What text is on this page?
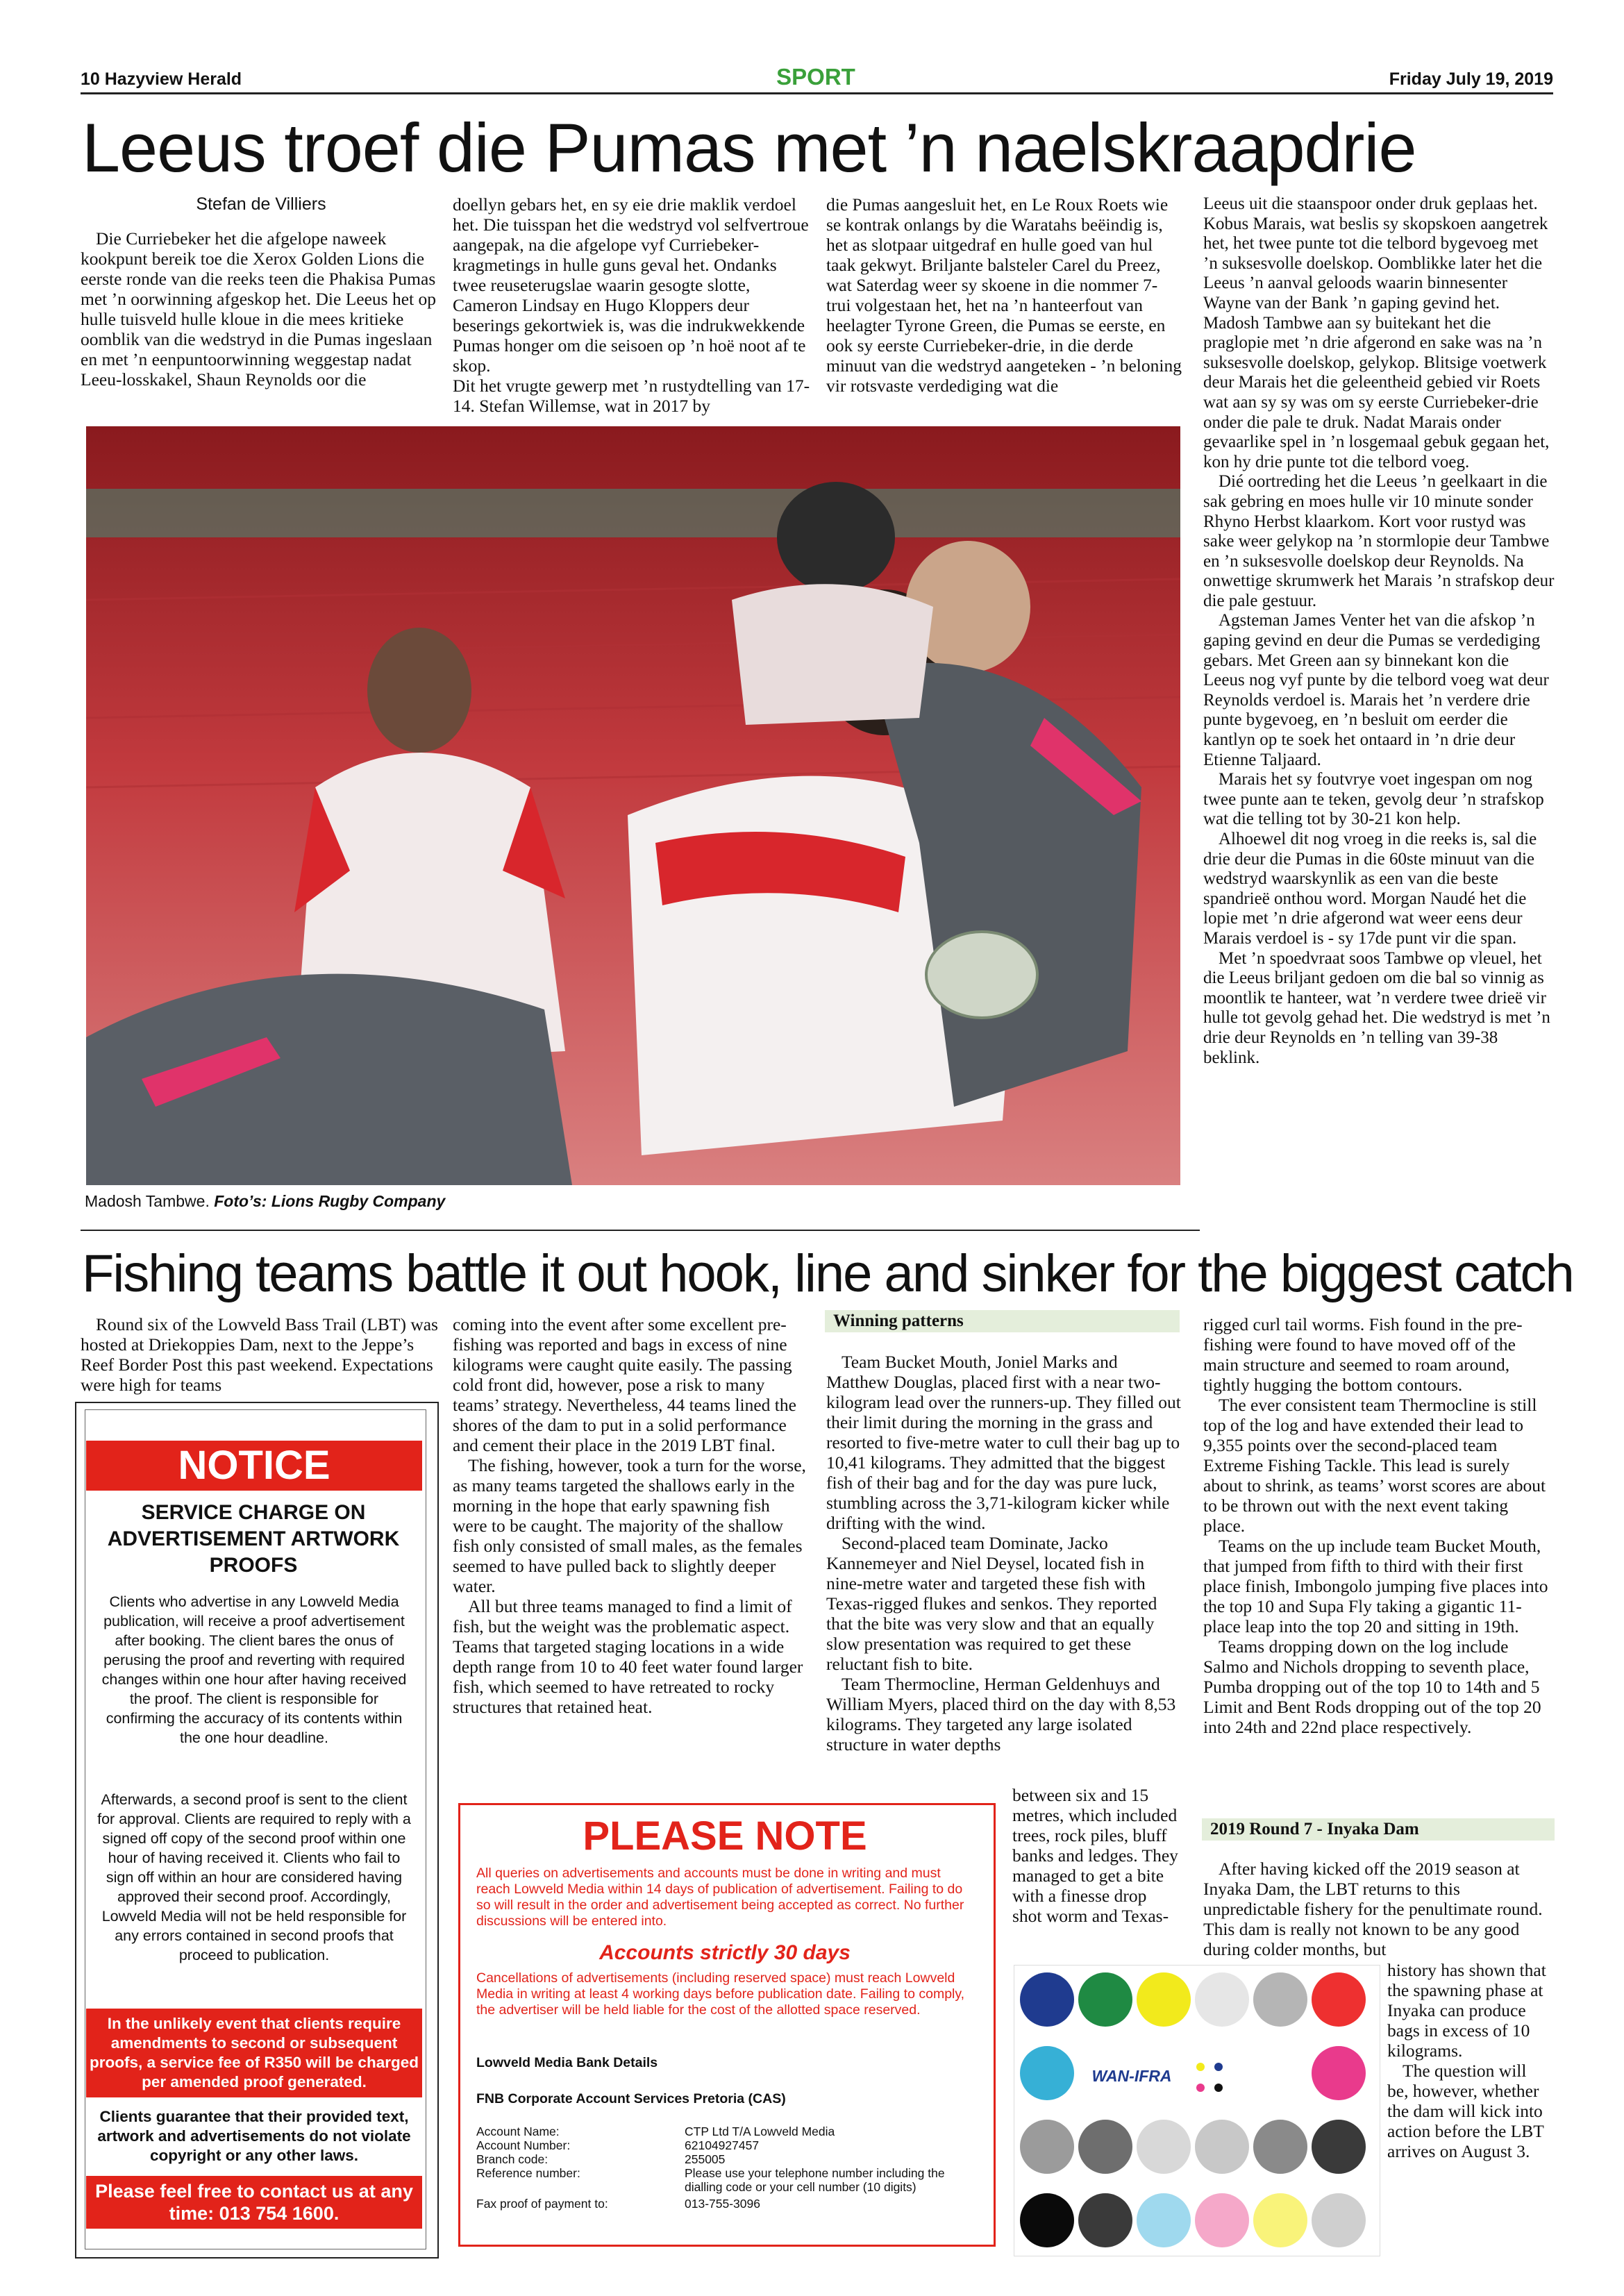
10 Hazyview Herald	SPORT	Friday July 19, 2019
Leeus troef die Pumas met ’n naelskraapdrie

Stefan de Villiers

Die Curriebeker het die afgelope naweek kookpunt bereik toe die Xerox Golden Lions die eerste ronde van die reeks teen die Phakisa Pumas met ’n oorwinning afgeskop het. Die Leeus het op hulle tuisveld hulle kloue in die mees kritieke oomblik van die wedstryd in die Pumas ingeslaan en met ’n eenpuntoorwinning weggestap nadat Leeu-losskakel, Shaun Reynolds oor die

doellyn gebars het, en sy eie drie maklik verdoel het. Die tuisspan het die wedstryd vol selfvertroue aangepak, na die afgelope vyf Curriebeker-kragmetings in hulle guns geval het. Ondanks twee reuseterugslae waarin gesogte slotte, Cameron Lindsay en Hugo Kloppers deur beserings gekortwiek is, was die indrukwekkende Pumas honger om die seisoen op ’n hoë noot af te skop.

Dit het vrugte gewerp met ’n rustydtelling van 17-14. Stefan Willemse, wat in 2017 by

die Pumas aangesluit het, en Le Roux Roets wie se kontrak onlangs by die Waratahs beëindig is, het as slotpaar uitgedraf en hulle goed van hul taak gekwyt. Briljante balsteler Carel du Preez, wat Saterdag weer sy skoene in die nommer 7-trui volgestaan het, het na ’n hanteerfout van heelagter Tyrone Green, die Pumas se eerste, en ook sy eerste Curriebeker-drie, in die derde minuut van die wedstryd aangeteken - ’n beloning vir rotsvaste verdediging wat die

Leeus uit die staanspoor onder druk geplaas het. Kobus Marais, wat beslis sy skopskoen aangetrek het, het twee punte tot die telbord bygevoeg met ’n suksesvolle doelskop. Oomblikke later het die Leeus ’n aanval geloods waarin binnesenter Wayne van der Bank ’n gaping gevind het. Madosh Tambwe aan sy buitekant het die praglopie met ’n drie afgerond en sake was na ’n suksesvolle doelskop, gelykop. Blitsige voetwerk deur Marais het die geleentheid gebied vir Roets wat aan sy sy was om sy eerste Curriebeker-drie onder die pale te druk. Nadat Marais onder gevaarlike spel in ’n losgemaal gebuk gegaan het, kon hy drie punte tot die telbord voeg.

Dié oortreding het die Leeus ’n geelkaart in die sak gebring en moes hulle vir 10 minute sonder Rhyno Herbst klaarkom. Kort voor rustyd was sake weer gelykop na ’n stormlopie deur Tambwe en ’n suksesvolle doelskop deur Reynolds. Na onwettige skrumwerk het Marais ’n strafskop deur die pale gestuur.

Agsteman James Venter het van die afskop ’n gaping gevind en deur die Pumas se verdediging gebars. Met Green aan sy binnekant kon die Leeus nog vyf punte by die telbord voeg wat deur Reynolds verdoel is. Marais het ’n verdere drie punte bygevoeg, en ’n besluit om eerder die kantlyn op te soek het ontaard in ’n drie deur Etienne Taljaard.

Marais het sy foutvrye voet ingespan om nog twee punte aan te teken, gevolg deur ’n strafskop wat die telling tot by 30-21 kon help.

Alhoewel dit nog vroeg in die reeks is, sal die drie deur die Pumas in die 60ste minuut van die wedstryd waarskynlik as een van die beste spandrieë onthou word. Morgan Naudé het die lopie met ’n drie afgerond wat weer eens deur Marais verdoel is - sy 17de punt vir die span.

Met ’n spoedvraat soos Tambwe op vleuel, het die Leeus briljant gedoen om die bal so vinnig as moontlik te hanteer, wat ’n verdere twee drieë vir hulle tot gevolg gehad het. Die wedstryd is met ’n drie deur Reynolds en ’n telling van 39-38 beklink.

Madosh Tambwe. Foto’s: Lions Rugby Company
Fishing teams battle it out hook, line and sinker for the biggest catch

Round six of the Lowveld Bass Trail (LBT) was hosted at Driekoppies Dam, next to the Jeppe’s Reef Border Post this past weekend. Expectations were high for teams

coming into the event after some excellent pre-fishing was reported and bags in excess of nine kilograms were caught quite easily. The passing cold front did, however, pose a risk to many teams’ strategy. Nevertheless, 44 teams lined the shores of the dam to put in a solid performance and cement their place in the 2019 LBT final.

The fishing, however, took a turn for the worse, as many teams targeted the shallows early in the morning in the hope that early spawning fish were to be caught. The majority of the shallow fish only consisted of small males, as the females seemed to have pulled back to slightly deeper water.

All but three teams managed to find a limit of fish, but the weight was the problematic aspect. Teams that targeted staging locations in a wide depth range from 10 to 40 feet water found larger fish, which seemed to have retreated to rocky structures that retained heat.

Winning patterns

Team Bucket Mouth, Joniel Marks and Matthew Douglas, placed first with a near two-kilogram lead over the runners-up. They filled out their limit during the morning in the grass and resorted to five-metre water to cull their bag up to 10,41 kilograms. They admitted that the biggest fish of their bag and for the day was pure luck, stumbling across the 3,71-kilogram kicker while drifting with the wind.

Second-placed team Dominate, Jacko Kannemeyer and Niel Deysel, located fish in nine-metre water and targeted these fish with Texas-rigged flukes and senkos. They reported that the bite was very slow and that an equally slow presentation was required to get these reluctant fish to bite.

Team Thermocline, Herman Geldenhuys and William Myers, placed third on the day with 8,53 kilograms. They targeted any large isolated structure in water depths

between six and 15 metres, which included trees, rock piles, bluff banks and ledges. They managed to get a bite with a finesse drop shot worm and Texas-

rigged curl tail worms. Fish found in the pre-fishing were found to have moved off of the main structure and seemed to roam around, tightly hugging the bottom contours.

The ever consistent team Thermocline is still top of the log and have extended their lead to 9,355 points over the second-placed team Extreme Fishing Tackle. This lead is surely about to shrink, as teams’ worst scores are about to be thrown out with the next event taking place.

Teams on the up include team Bucket Mouth, that jumped from fifth to third with their first place finish, Imbongolo jumping five places into the top 10 and Supa Fly taking a gigantic 11-place leap into the top 20 and sitting in 19th.

Teams dropping down on the log include Salmo and Nichols dropping to seventh place, Pumba dropping out of the top 10 to 14th and 5 Limit and Bent Rods dropping out of the top 20 into 24th and 22nd place respectively.

2019 Round 7 - Inyaka Dam

After having kicked off the 2019 season at Inyaka Dam, the LBT returns to this unpredictable fishery for the penultimate round. This dam is really not known to be any good during colder months, but

history has shown that the spawning phase at Inyaka can produce bags in excess of 10 kilograms.

The question will be, however, whether the dam will kick into action before the LBT arrives on August 3.

NOTICE
SERVICE CHARGE ON ADVERTISEMENT ARTWORK PROOFS
Clients who advertise in any Lowveld Media publication, will receive a proof advertisement after booking. The client bares the onus of perusing the proof and reverting with required changes within one hour after having received the proof. The client is responsible for confirming the accuracy of its contents within the one hour deadline.
Afterwards, a second proof is sent to the client for approval. Clients are required to reply with a signed off copy of the second proof within one hour of having received it. Clients who fail to sign off within an hour are considered having approved their second proof. Accordingly, Lowveld Media will not be held responsible for any errors contained in second proofs that proceed to publication.
In the unlikely event that clients require amendments to second or subsequent proofs, a service fee of R350 will be charged per amended proof generated.
Clients guarantee that their provided text, artwork and advertisements do not violate copyright or any other laws.
Please feel free to contact us at any time: 013 754 1600.
PLEASE NOTE
All queries on advertisements and accounts must be done in writing and must reach Lowveld Media within 14 days of publication of advertisement. Failing to do so will result in the order and advertisement being accepted as correct. No further discussions will be entered into.
Accounts strictly 30 days
Cancellations of advertisements (including reserved space) must reach Lowveld Media in writing at least 4 working days before publication date. Failing to comply, the advertiser will be held liable for the cost of the allotted space reserved.
Lowveld Media Bank Details
FNB Corporate Account Services Pretoria (CAS)
Account Name:	CTP Ltd T/A Lowveld Media
Account Number:	62104927457
Branch code:	255005
Reference number:	Please use your telephone number including the dialling code or your cell number (10 digits)
Fax proof of payment to:	013-755-3096
WAN-IFRA
